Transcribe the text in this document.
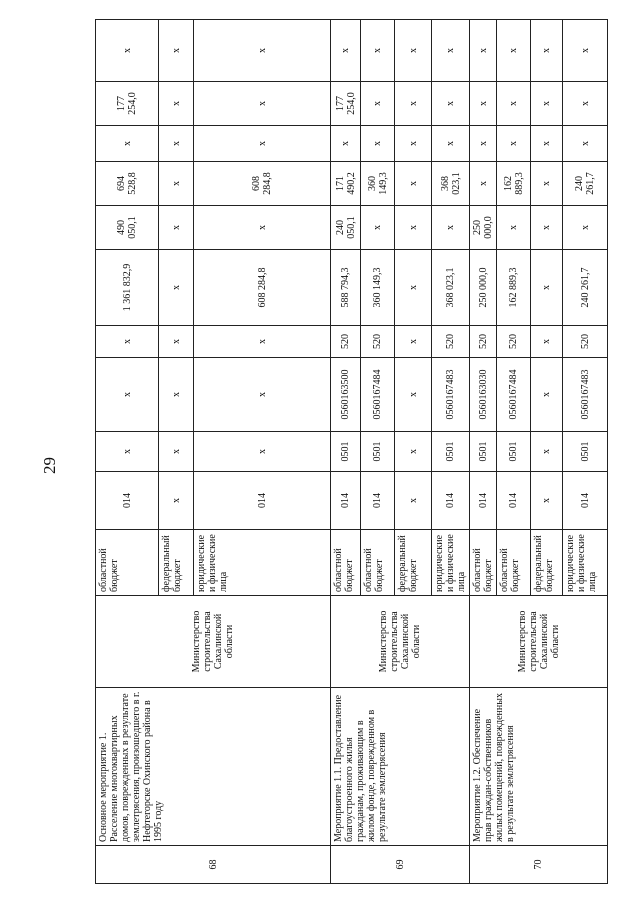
29
68	Основное мероприятие 1. Расселение многоквартирных домов, поврежденных в результате землетрясения, произошедшего в г. Нефтегорске Охинского района в 1995 году	Министерство строительства Сахалинской области	областной бюджет	014	х	х	х	1 361 832,9	490 050,1	694 528,8	х	177 254,0	х
			федеральный бюджет	х	х	х	х	х	х	х	х	х	х
			юридические и физические лица	014	х	х	х	608 284,8	х	608 284,8	х	х	х
69	Мероприятие 1.1. Предоставление благоустроенного жилья гражданам, проживающим в жилом фонде, поврежденном в результате землетрясения	Министерство строительства Сахалинской области	областной бюджет	014	0501	0560163500	520	588 794,3	240 050,1	171 490,2	х	177 254,0	х
			областной бюджет	014	0501	0560167484	520	360 149,3	х	360 149,3	х	х	х
			федеральный бюджет	х	х	х	х	х	х	х	х	х	х
			юридические и физические лица	014	0501	0560167483	520	368 023,1	х	368 023,1	х	х	х
70	Мероприятие 1.2. Обеспечение прав граждан-собственников жилых помещений, поврежденных в результате землетрясения	Министерство строительства Сахалинской области	областной бюджет	014	0501	0560163030	520	250 000,0	250 000,0	х	х	х	х
			областной бюджет	014	0501	0560167484	520	162 889,3	х	162 889,3	х	х	х
			федеральный бюджет	х	х	х	х	х	х	х	х	х	х
			юридические и физические лица	014	0501	0560167483	520	240 261,7	х	240 261,7	х	х	х
